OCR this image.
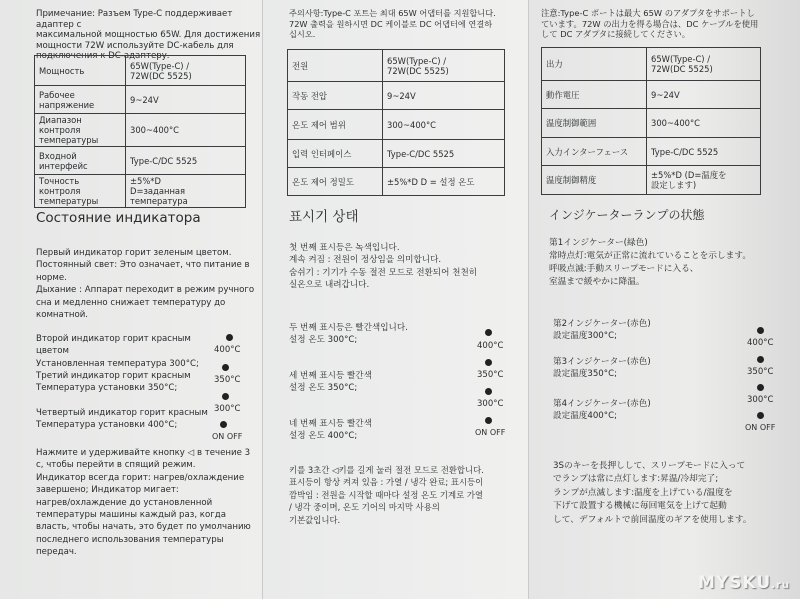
Примечание: Разъем Type-C поддерживает адаптер с
максимальной мощностью 65W. Для достижения
мощности 72W используйте DC-кабель для
подключения к DC-адаптеру.
Мощность	65W(Type-C) /
72W(DC 5525)
Рабочее напряжение	9~24V
Диапазон контроля
температуры	300~400°C
Входной интерфейс	Type-C/DC 5525
Точность контроля
температуры	±5%*D
D=заданная температура
Состояние индикатора
Первый индикатор горит зеленым цветом.
Постоянный свет: Это означает, что питание в
норме.
Дыхание : Аппарат переходит в режим ручного
сна и медленно снижает температуру до
комнатной.
Второй индикатор горит красным цветом
Установленная температура 300°C;
Третий индикатор горит красным
Температура установки 350°C;
Четвертый индикатор горит красным
Температура установки 400°C;
400°C
350°C
300°C
ON OFF
Нажмите и удерживайте кнопку ◁ в течение 3
с, чтобы перейти в спящий режим.
Индикатор всегда горит: нагрев/охлаждение
завершено; Индикатор мигает:
нагрев/охлаждение до установленной
температуры машины каждый раз, когда
власть, чтобы начать, это будет по умолчанию
последнего использования температуры
передач.
주의사항:Type-C 포트는 최대 65W 어댑터를 지원합니다.
72W 출력을 원하시면 DC 케이블로 DC 어댑터에 연결하
십시오.
전원	65W(Type-C) /
72W(DC 5525)
작동 전압	9~24V
온도 제어 범위	300~400°C
입력 인터페이스	Type-C/DC 5525
온도 제어 정밀도	±5%*D D = 설정 온도
표시기 상태
첫 번째 표시등은 녹색입니다.
계속 켜짐 : 전원이 정상임을 의미합니다.
숨쉬기 : 기기가 수동 절전 모드로 전환되어 천천히
실온으로 내려갑니다.
두 번째 표시등은 빨간색입니다.
설정 온도 300°C;
세 번째 표시등 빨간색
설정 온도 350°C;
네 번째 표시등 빨간색
설정 온도 400°C;
400°C
350°C
300°C
ON OFF
키를 3초간 ◁키를 길게 눌러 절전 모드로 전환합니다.
표시등이 항상 켜져 있음 : 가열 / 냉각 완료; 표시등이
깜박임 : 전원을 시작할 때마다 설정 온도 기계로 가열
/ 냉각 중이며, 온도 기어의 마지막 사용의
기본값입니다.
注意:Type-C ポートは最大 65W のアダプタをサポートし
ています。72W の出力を得る場合は、DC ケーブルを使用
して DC アダプタに接続してください。
出力	65W(Type-C) /
72W(DC 5525)
動作電圧	9~24V
温度制御範囲	300~400°C
入力インターフェース	Type-C/DC 5525
温度制御精度	±5%*D (D=温度を
設定します)
インジケーターランプの状態
第1インジケーター(緑色)
常時点灯:電気が正常に流れていることを示します。
呼吸点滅:手動スリープモードに入る、
室温まで緩やかに降温。
第2インジケーター(赤色)
設定温度300°C;
第3インジケーター(赤色)
設定温度350°C;
第4インジケーター(赤色)
設定温度400°C;
400°C
350°C
300°C
ON OFF
3Sのキーを長押しして、スリープモードに入って
でランプは常に点灯します:昇温/冷却完了;
ランプが点滅します:温度を上げている/温度を
下げて設置する機械に毎回電気を上げて起動
して、デフォルトで前回温度のギアを使用します。
MYSKU.ru
